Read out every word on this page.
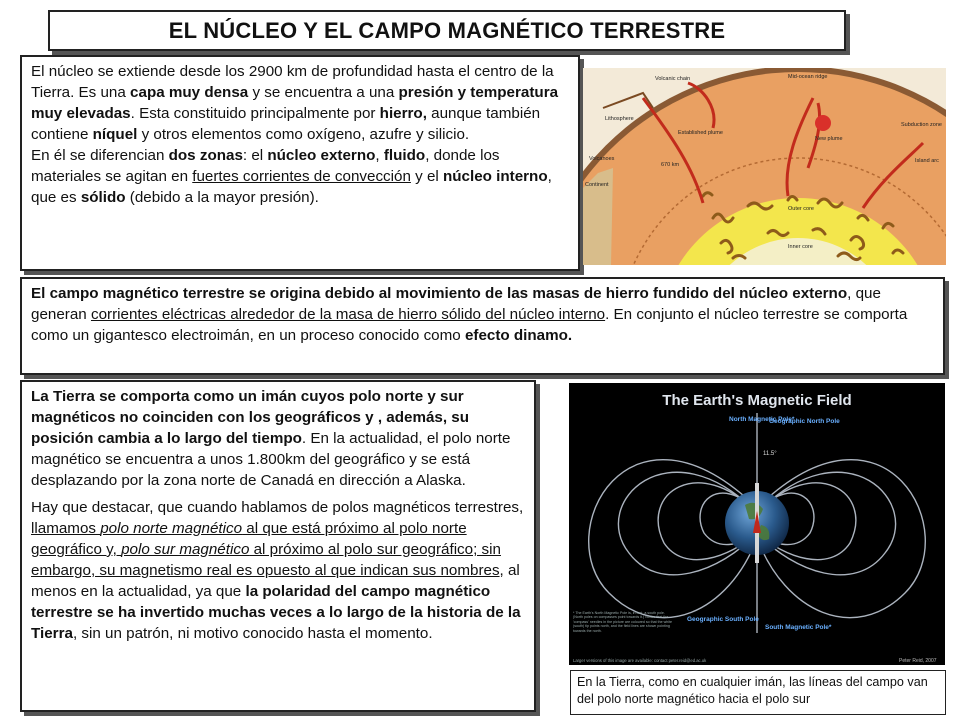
EL NÚCLEO Y EL CAMPO MAGNÉTICO TERRESTRE
El núcleo se extiende desde los 2900 km de profundidad hasta el centro de la Tierra. Es una capa muy densa y se encuentra a una presión y temperatura muy elevadas. Esta constituido principalmente por hierro, aunque también contiene níquel y otros elementos como oxígeno, azufre y silicio.
En él se diferencian dos zonas: el núcleo externo, fluido, donde los materiales se agitan en fuertes corrientes de convección y el núcleo interno, que es sólido (debido a la mayor presión).
Volcanic chain	Mid-ocean ridge
Lithosphere
Established plume
New plume
Subduction zone
Volcanoes	Island arc
Continent
670 km
Outer core
Inner core
El campo magnético terrestre se origina debido al movimiento de las masas de hierro fundido del núcleo externo, que generan corrientes eléctricas alrededor de la masa de hierro sólido del núcleo interno. En conjunto el núcleo terrestre se comporta como un gigantesco electroimán, en un proceso conocido como efecto dinamo.

La Tierra se comporta como un imán cuyos polo norte y sur magnéticos no coinciden con los geográficos y , además, su posición cambia a lo largo del tiempo. En la actualidad, el polo norte magnético se encuentra a unos 1.800km del geográfico y se está desplazando por la zona norte de Canadá en dirección a Alaska.

Hay que destacar, que cuando hablamos de polos magnéticos terrestres, llamamos polo norte magnético al que está próximo al polo norte geográfico y, polo sur magnético al próximo al polo sur geográfico; sin embargo, su magnetismo real es opuesto al que indican sus nombres, al menos en la actualidad, ya que la polaridad del campo magnético terrestre se ha invertido muchas veces a lo largo de la historia de la Tierra, sin un patrón, ni motivo conocido hasta el momento.

The Earth's Magnetic Field
North Magnetic Pole*
Geographic North Pole
Geographic South Pole
South Magnetic Pole*
11.5°
* The Earth's North Magnetic Pole is, in fact, a south pole. (North poles on compasses point towards it.) Notice that the 'compass' needles in the picture are coloured so that the white (south) tip points north, and the field lines are shown pointing towards the north.
Larger versions of this image are available: contact peter.reid@ed.ac.uk	Peter Reid, 2007
En la Tierra, como en cualquier imán, las líneas del campo van del polo norte magnético hacia el polo sur
